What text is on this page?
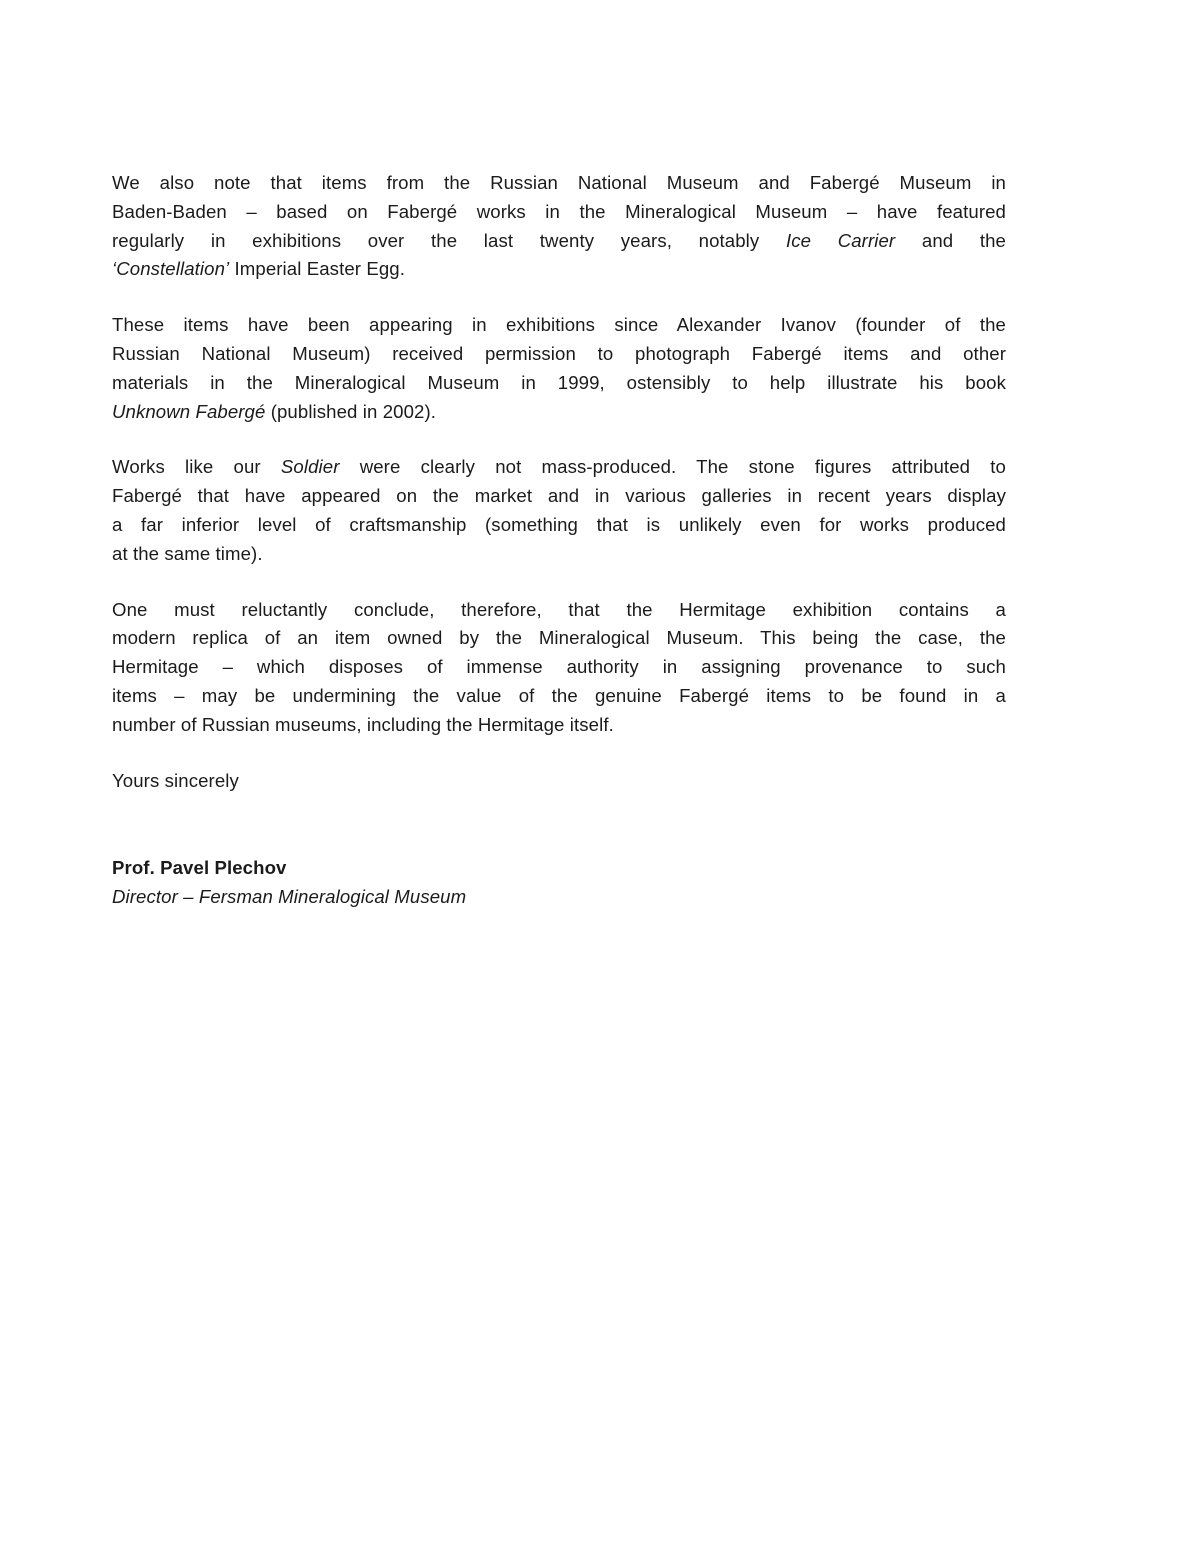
We also note that items from the Russian National Museum and Fabergé Museum in
Baden-Baden – based on Fabergé works in the Mineralogical Museum – have featured
regularly in exhibitions over the last twenty years, notably Ice Carrier and the
‘Constellation’ Imperial Easter Egg.
These items have been appearing in exhibitions since Alexander Ivanov (founder of the
Russian National Museum) received permission to photograph Fabergé items and other
materials in the Mineralogical Museum in 1999, ostensibly to help illustrate his book
Unknown Fabergé (published in 2002).
Works like our Soldier were clearly not mass-produced. The stone figures attributed to
Fabergé that have appeared on the market and in various galleries in recent years display
a far inferior level of craftsmanship (something that is unlikely even for works produced
at the same time).
One must reluctantly conclude, therefore, that the Hermitage exhibition contains a
modern replica of an item owned by the Mineralogical Museum. This being the case, the
Hermitage – which disposes of immense authority in assigning provenance to such
items – may be undermining the value of the genuine Fabergé items to be found in a
number of Russian museums, including the Hermitage itself.
Yours sincerely
Prof. Pavel Plechov
Director – Fersman Mineralogical Museum
